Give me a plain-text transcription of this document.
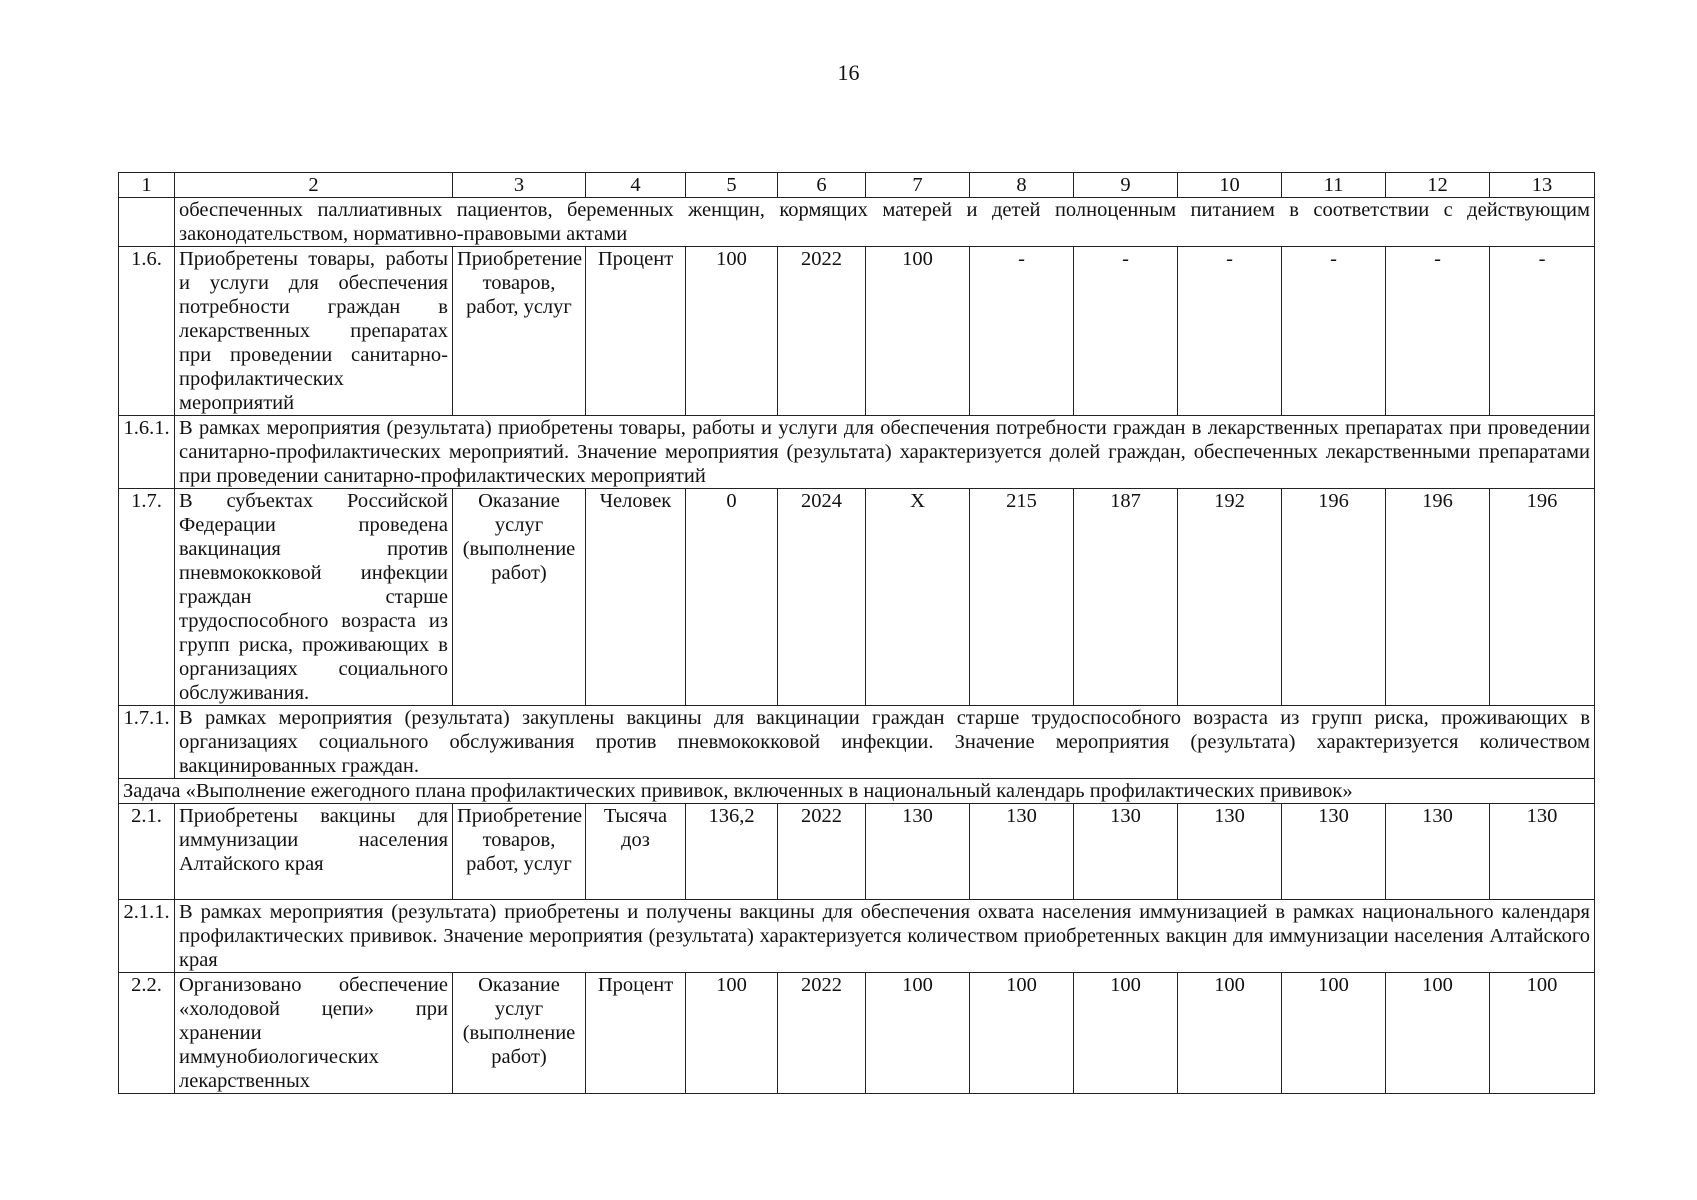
16
1	2	3	4	5	6	7	8	9	10	11	12	13
	обеспеченных паллиативных пациентов, беременных женщин, кормящих матерей и детей полноценным питанием в соответствии с действующим законодательством, нормативно-правовыми актами											
1.6.	Приобретены товары, работы и услуги для обеспечения потребности граждан в лекарственных препаратах при проведении санитарно-профилактических мероприятий	Приобретение товаров, работ, услуг	Процент	100	2022	100	-	-	-	-	-	-
1.6.1.	В рамках мероприятия (результата) приобретены товары, работы и услуги для обеспечения потребности граждан в лекарственных препаратах при проведении санитарно-профилактических мероприятий. Значение мероприятия (результата) характеризуется долей граждан, обеспеченных лекарственными препаратами при проведении санитарно-профилактических мероприятий											
1.7.	В субъектах Российской Федерации проведена вакцинация против пневмококковой инфекции граждан старше трудоспособного возраста из групп риска, проживающих в организациях социального обслуживания.	Оказание услуг (выполнение работ)	Человек	0	2024	X	215	187	192	196	196	196
1.7.1.	В рамках мероприятия (результата) закуплены вакцины для вакцинации граждан старше трудоспособного возраста из групп риска, проживающих в организациях социального обслуживания против пневмококковой инфекции. Значение мероприятия (результата) характеризуется количеством вакцинированных граждан.											
Задача «Выполнение ежегодного плана профилактических прививок, включенных в национальный календарь профилактических прививок»												
2.1.	Приобретены вакцины для иммунизации населения Алтайского края	Приобретение товаров, работ, услуг	Тысяча доз	136,2	2022	130	130	130	130	130	130	130
2.1.1.	В рамках мероприятия (результата) приобретены и получены вакцины для обеспечения охвата населения иммунизацией в рамках национального календаря профилактических прививок. Значение мероприятия (результата) характеризуется количеством приобретенных вакцин для иммунизации населения Алтайского края											
2.2.	Организовано обеспечение «холодовой цепи» при хранении иммунобиологических лекарственных	Оказание услуг (выполнение работ)	Процент	100	2022	100	100	100	100	100	100	100
